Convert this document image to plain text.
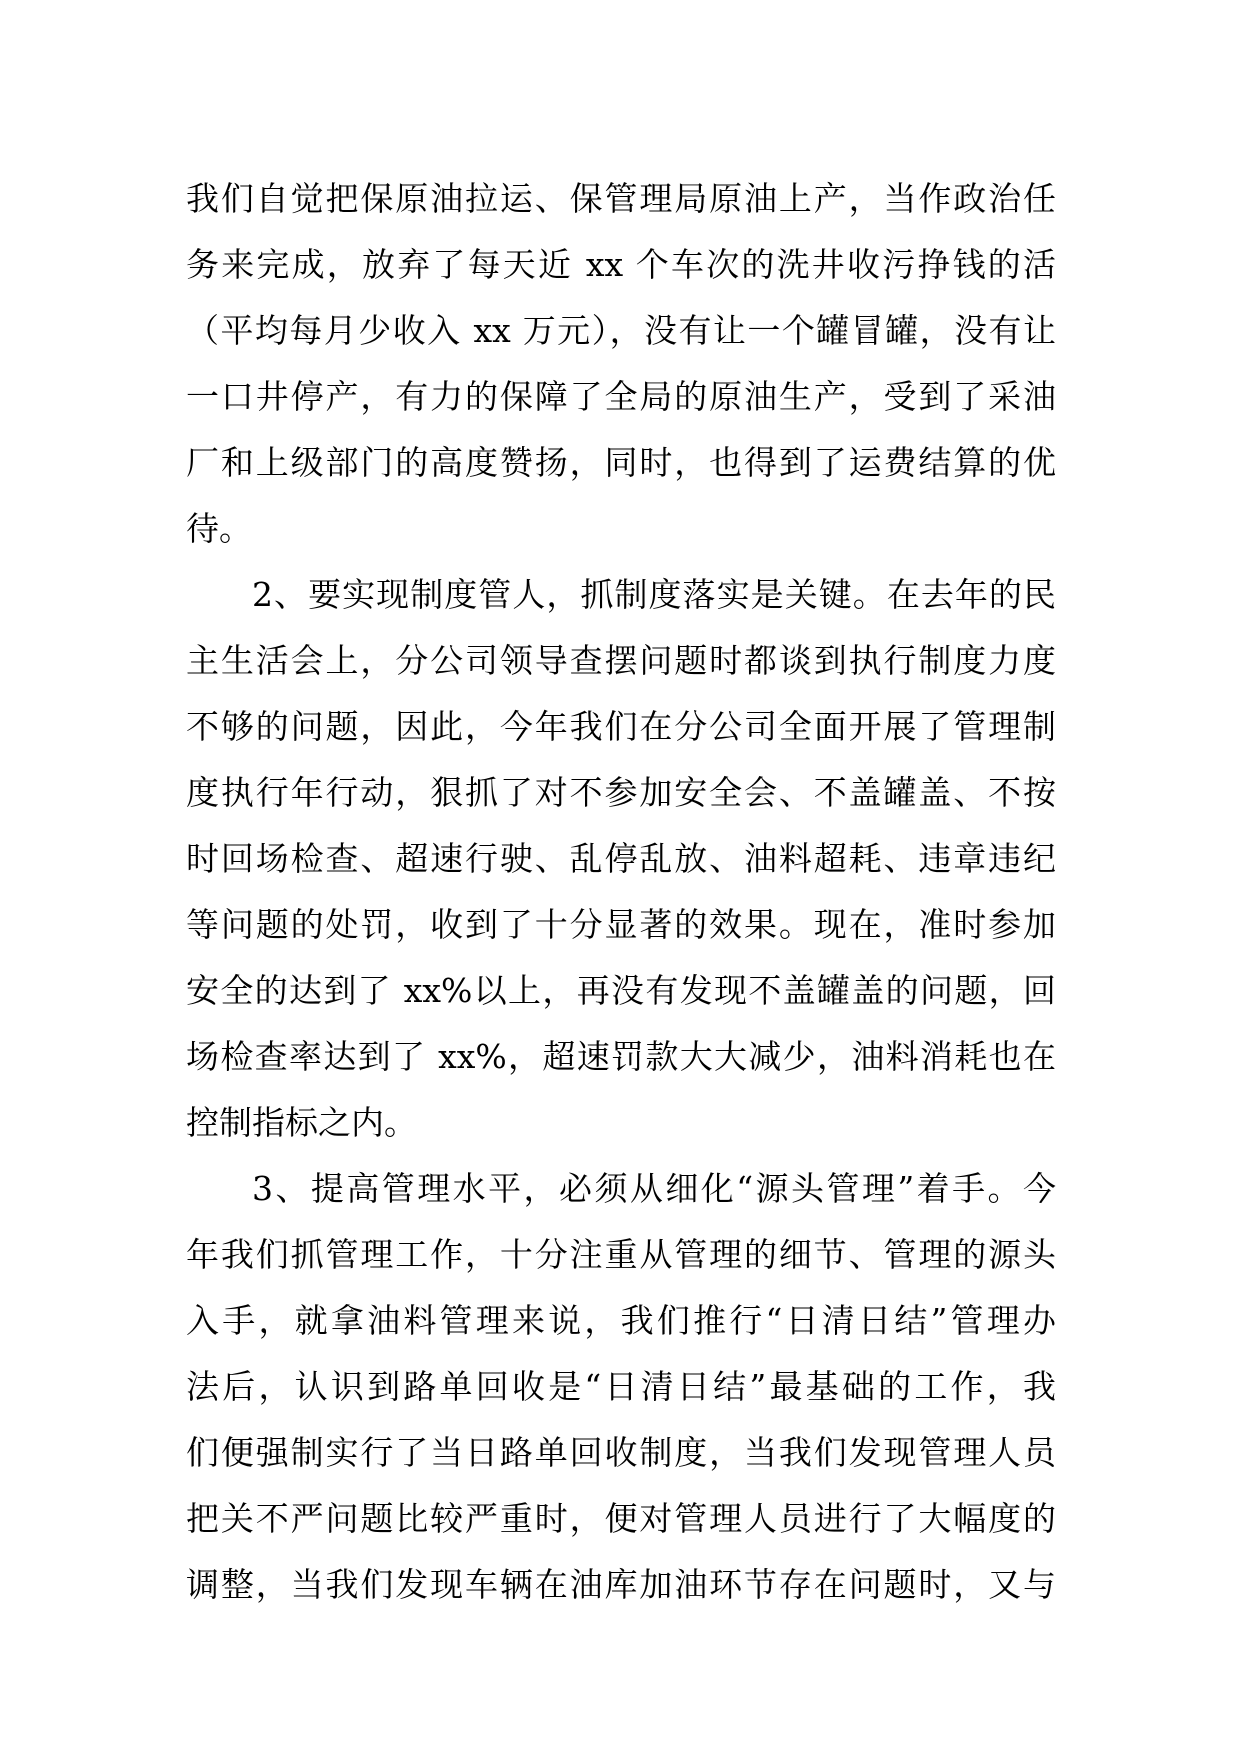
我们自觉把保原油拉运、保管理局原油上产，当作政治任
务来完成，放弃了每天近 xx 个车次的洗井收污挣钱的活
（平均每月少收入 xx 万元），没有让一个罐冒罐，没有让
一口井停产，有力的保障了全局的原油生产，受到了采油
厂和上级部门的高度赞扬，同时，也得到了运费结算的优
待。
2、要实现制度管人，抓制度落实是关键。在去年的民
主生活会上，分公司领导查摆问题时都谈到执行制度力度
不够的问题，因此，今年我们在分公司全面开展了管理制
度执行年行动，狠抓了对不参加安全会、不盖罐盖、不按
时回场检查、超速行驶、乱停乱放、油料超耗、违章违纪
等问题的处罚，收到了十分显著的效果。现在，准时参加
安全的达到了 xx%以上，再没有发现不盖罐盖的问题，回
场检查率达到了 xx%，超速罚款大大减少，油料消耗也在
控制指标之内。
3、提高管理水平，必须从细化“源头管理”着手。今
年我们抓管理工作，十分注重从管理的细节、管理的源头
入手，就拿油料管理来说，我们推行“日清日结”管理办
法后，认识到路单回收是“日清日结”最基础的工作，我
们便强制实行了当日路单回收制度，当我们发现管理人员
把关不严问题比较严重时，便对管理人员进行了大幅度的
调整，当我们发现车辆在油库加油环节存在问题时，又与
